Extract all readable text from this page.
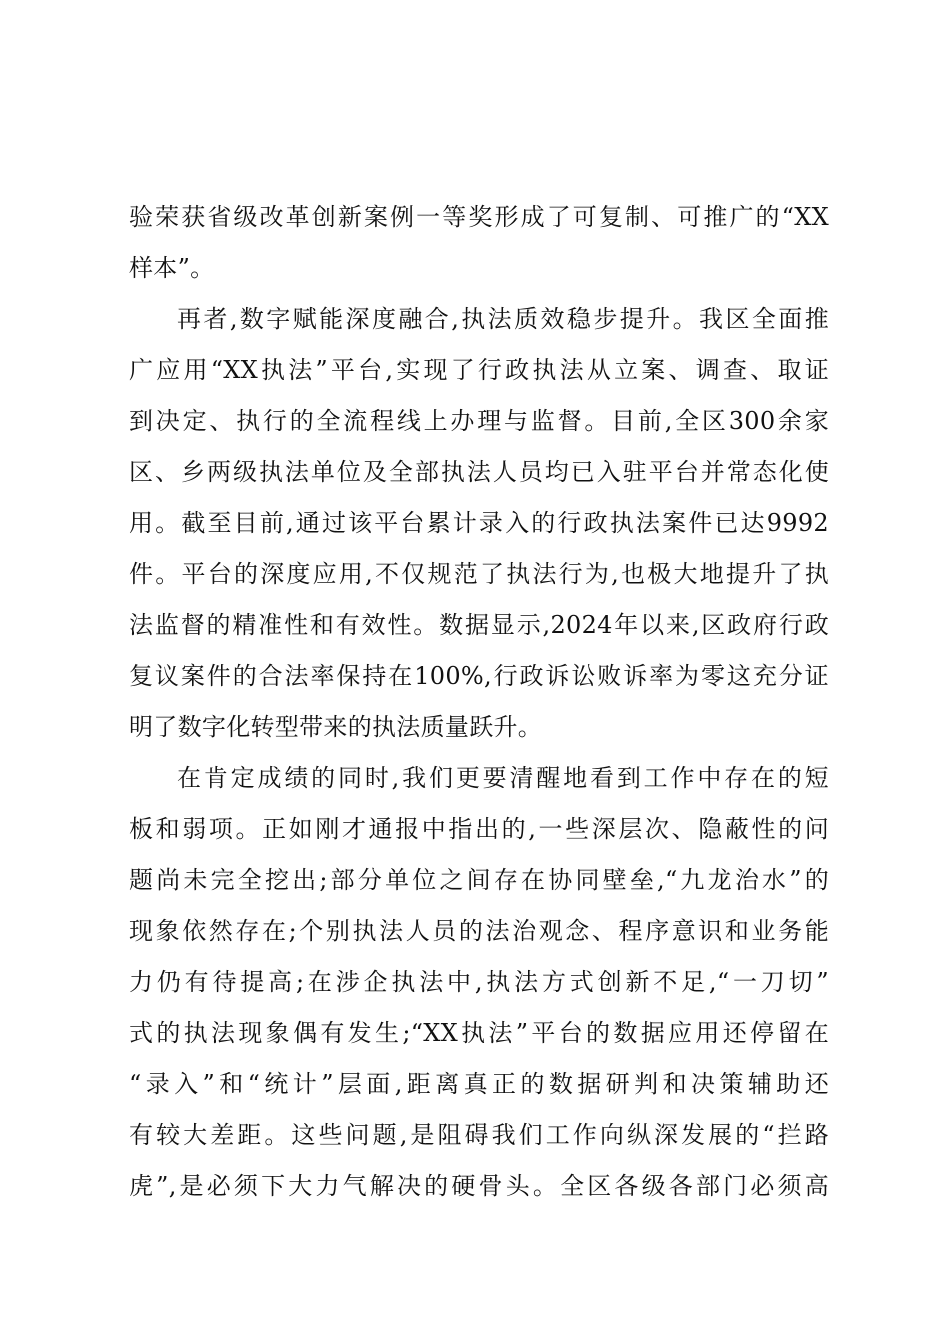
验荣获省级改革创新案例一等奖形成了可复制、可推广的“XX
样本”。
再者,数字赋能深度融合,执法质效稳步提升。我区全面推
广应用“XX执法”平台,实现了行政执法从立案、调查、取证
到决定、执行的全流程线上办理与监督。目前,全区300余家
区、乡两级执法单位及全部执法人员均已入驻平台并常态化使
用。截至目前,通过该平台累计录入的行政执法案件已达9992
件。平台的深度应用,不仅规范了执法行为,也极大地提升了执
法监督的精准性和有效性。数据显示,2024年以来,区政府行政
复议案件的合法率保持在100%,行政诉讼败诉率为零这充分证
明了数字化转型带来的执法质量跃升。
在肯定成绩的同时,我们更要清醒地看到工作中存在的短
板和弱项。正如刚才通报中指出的,一些深层次、隐蔽性的问
题尚未完全挖出;部分单位之间存在协同壁垒,“九龙治水”的
现象依然存在;个别执法人员的法治观念、程序意识和业务能
力仍有待提高;在涉企执法中,执法方式创新不足,“一刀切”
式的执法现象偶有发生;“XX执法”平台的数据应用还停留在
“录入”和“统计”层面,距离真正的数据研判和决策辅助还
有较大差距。这些问题,是阻碍我们工作向纵深发展的“拦路
虎”,是必须下大力气解决的硬骨头。全区各级各部门必须高
